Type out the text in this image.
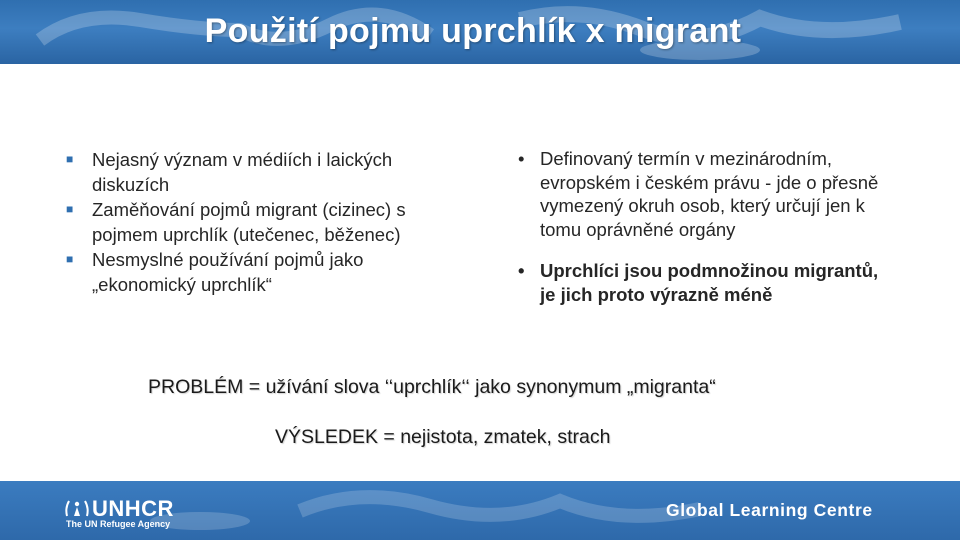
Použití pojmu uprchlík x migrant
■ Nejasný význam v médiích i laických
diskuzích
■ Zaměňování pojmů migrant (cizinec) s
pojmem uprchlík (utečenec, běženec)
■ Nesmyslné používání pojmů jako
„ekonomický uprchlík“
• Definovaný termín v mezinárodním,
evropském i českém právu - jde o přesně
vymezený okruh osob, který určují jen k
tomu oprávněné orgány
• Uprchlíci jsou podmnožinou migrantů,
je jich proto výrazně méně
PROBLÉM = užívání slova ‘‘uprchlík‘‘ jako synonymum „migranta“
VÝSLEDEK = nejistota, zmatek, strach
UNHCR
The UN Refugee Agency
Global Learning Centre
